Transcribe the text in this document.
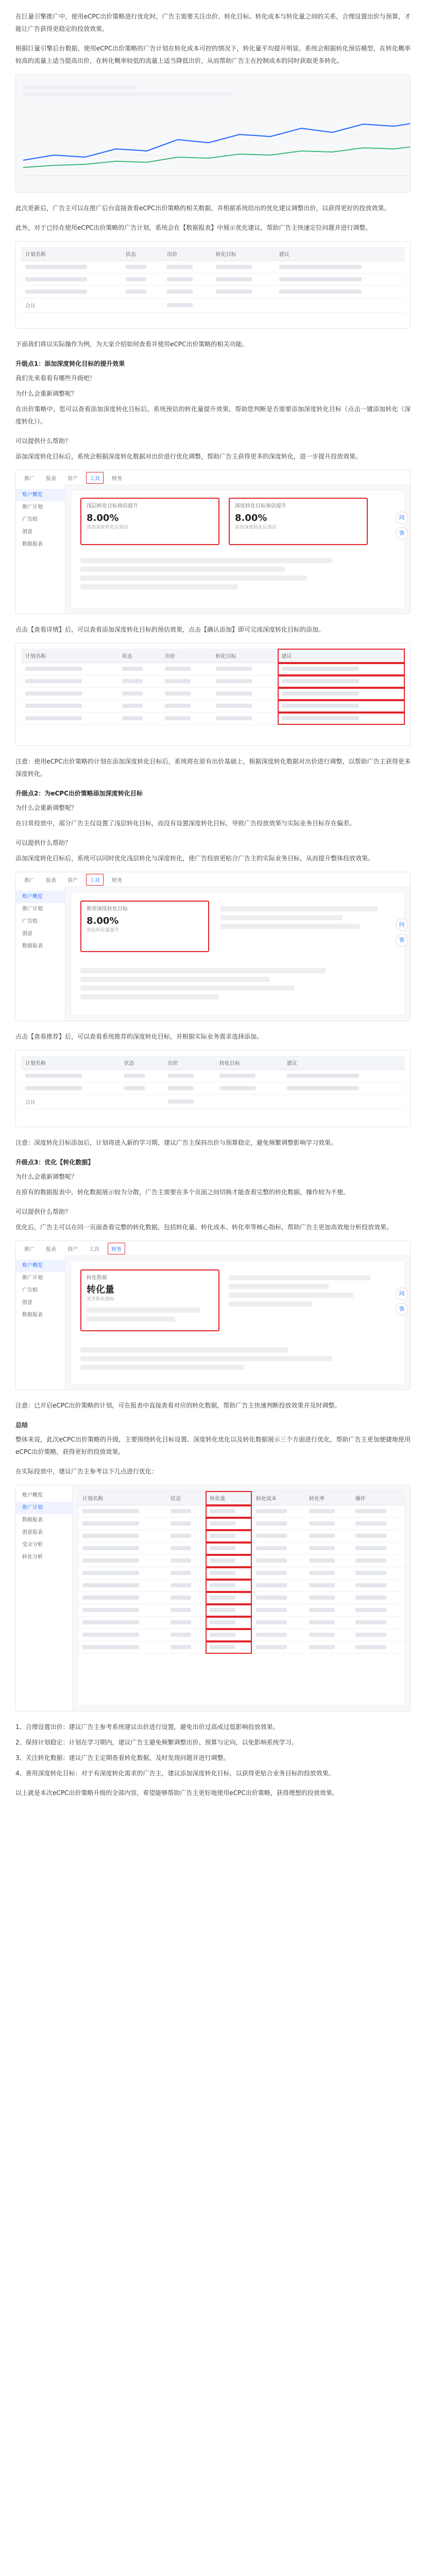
在巨量引擎推广中，使用eCPC出价策略进行优化时，广告主需要关注出价、转化目标、转化成本与转化量之间的关系，合理设置出价与预算，才能让广告获得更稳定的投放效果。

根据巨量引擎后台数据，使用eCPC出价策略的广告计划在转化成本可控的情况下，转化量平均提升明显。系统会根据转化预估模型，在转化概率较高的流量上适当提高出价，在转化概率较低的流量上适当降低出价，从而帮助广告主在控制成本的同时获取更多转化。

此次更新后，广告主可以在推广后台直接查看eCPC出价策略的相关数据，并根据系统给出的优化建议调整出价，以获得更好的投放效果。

此外，对于已经在使用eCPC出价策略的广告计划，系统会在【数据报表】中展示优化建议，帮助广告主快速定位问题并进行调整。

计划名称	状态	出价	转化目标	建议

合计				

下面我们将以实际操作为例，为大家介绍如何查看并使用eCPC出价策略的相关功能。

升级点1：添加深度转化目标的提升效果

我们先来看看有哪些升级吧！

为什么会重新调整呢？

在出价策略中，您可以查看添加深度转化目标后，系统预估的转化量提升效果，帮助您判断是否需要添加深度转化目标（点击一键添加转化（深度转化））。

可以提供什么帮助？

添加深度转化目标后，系统会根据深度转化数据对出价进行优化调整，帮助广告主获得更多的深度转化，进一步提升投放效果。

推广	报表	资产	工具	财务
账户概览
推广计划
广告组
创意
数据报表
浅层转化目标预估提升
8.00%
添加深度转化后预估
深度转化目标预估提升
8.00%
添加深度转化后预估
问
客

点击【查看详情】后，可以查看添加深度转化目标的预估效果，点击【确认添加】即可完成深度转化目标的添加。

计划名称	状态	出价	转化目标	建议

注意：使用eCPC出价策略的计划在添加深度转化目标后，系统将在原有出价基础上，根据深度转化数据对出价进行调整，以帮助广告主获得更多深度转化。

升级点2：为eCPC出价策略添加深度转化目标

为什么会重新调整呢？

在日常投放中，部分广告主仅设置了浅层转化目标，而没有设置深度转化目标，导致广告投放效果与实际业务目标存在偏差。

可以提供什么帮助？

添加深度转化目标后，系统可以同时优化浅层转化与深度转化，使广告投放更贴合广告主的实际业务目标，从而提升整体投放效果。

推广	报表	资产	工具	财务
账户概览
推广计划
广告组
创意
数据报表
推荐深度转化目标
8.00%
预估转化量提升
问
客

点击【查看推荐】后，可以查看系统推荐的深度转化目标，并根据实际业务需求选择添加。

计划名称	状态	出价	转化目标	建议

合计				

注意：深度转化目标添加后，计划将进入新的学习期，建议广告主保持出价与预算稳定，避免频繁调整影响学习效果。

升级点3：优化【转化数据】

为什么会重新调整呢？

在原有的数据报表中，转化数据展示较为分散，广告主需要在多个页面之间切换才能查看完整的转化数据，操作较为不便。

可以提供什么帮助？

优化后，广告主可以在同一页面查看完整的转化数据，包括转化量、转化成本、转化率等核心指标，帮助广告主更加高效地分析投放效果。

推广	报表	资产	工具	财务
账户概览
推广计划
广告组
创意
数据报表
转化数据
转化量
更多转化指标
问
客

注意：已开启eCPC出价策略的计划，可在报表中直接查看对应的转化数据，帮助广告主快速判断投放效果并及时调整。

总结

整体来说，此次eCPC出价策略的升级，主要围绕转化目标设置、深度转化优化以及转化数据展示三个方面进行优化，帮助广告主更加便捷地使用eCPC出价策略，获得更好的投放效果。

在实际投放中，建议广告主参考以下几点进行优化：

账户概览
推广计划
数据报表
创意报表
受众分析
转化分析
计划名称	状态	转化量	转化成本	转化率	操作

1、合理设置出价：建议广告主参考系统建议出价进行设置，避免出价过高或过低影响投放效果。

2、保持计划稳定：计划在学习期内，建议广告主避免频繁调整出价、预算与定向，以免影响系统学习。

3、关注转化数据：建议广告主定期查看转化数据，及时发现问题并进行调整。

4、善用深度转化目标：对于有深度转化需求的广告主，建议添加深度转化目标，以获得更贴合业务目标的投放效果。

以上就是本次eCPC出价策略升级的全部内容，希望能够帮助广告主更好地使用eCPC出价策略，获得理想的投放效果。
